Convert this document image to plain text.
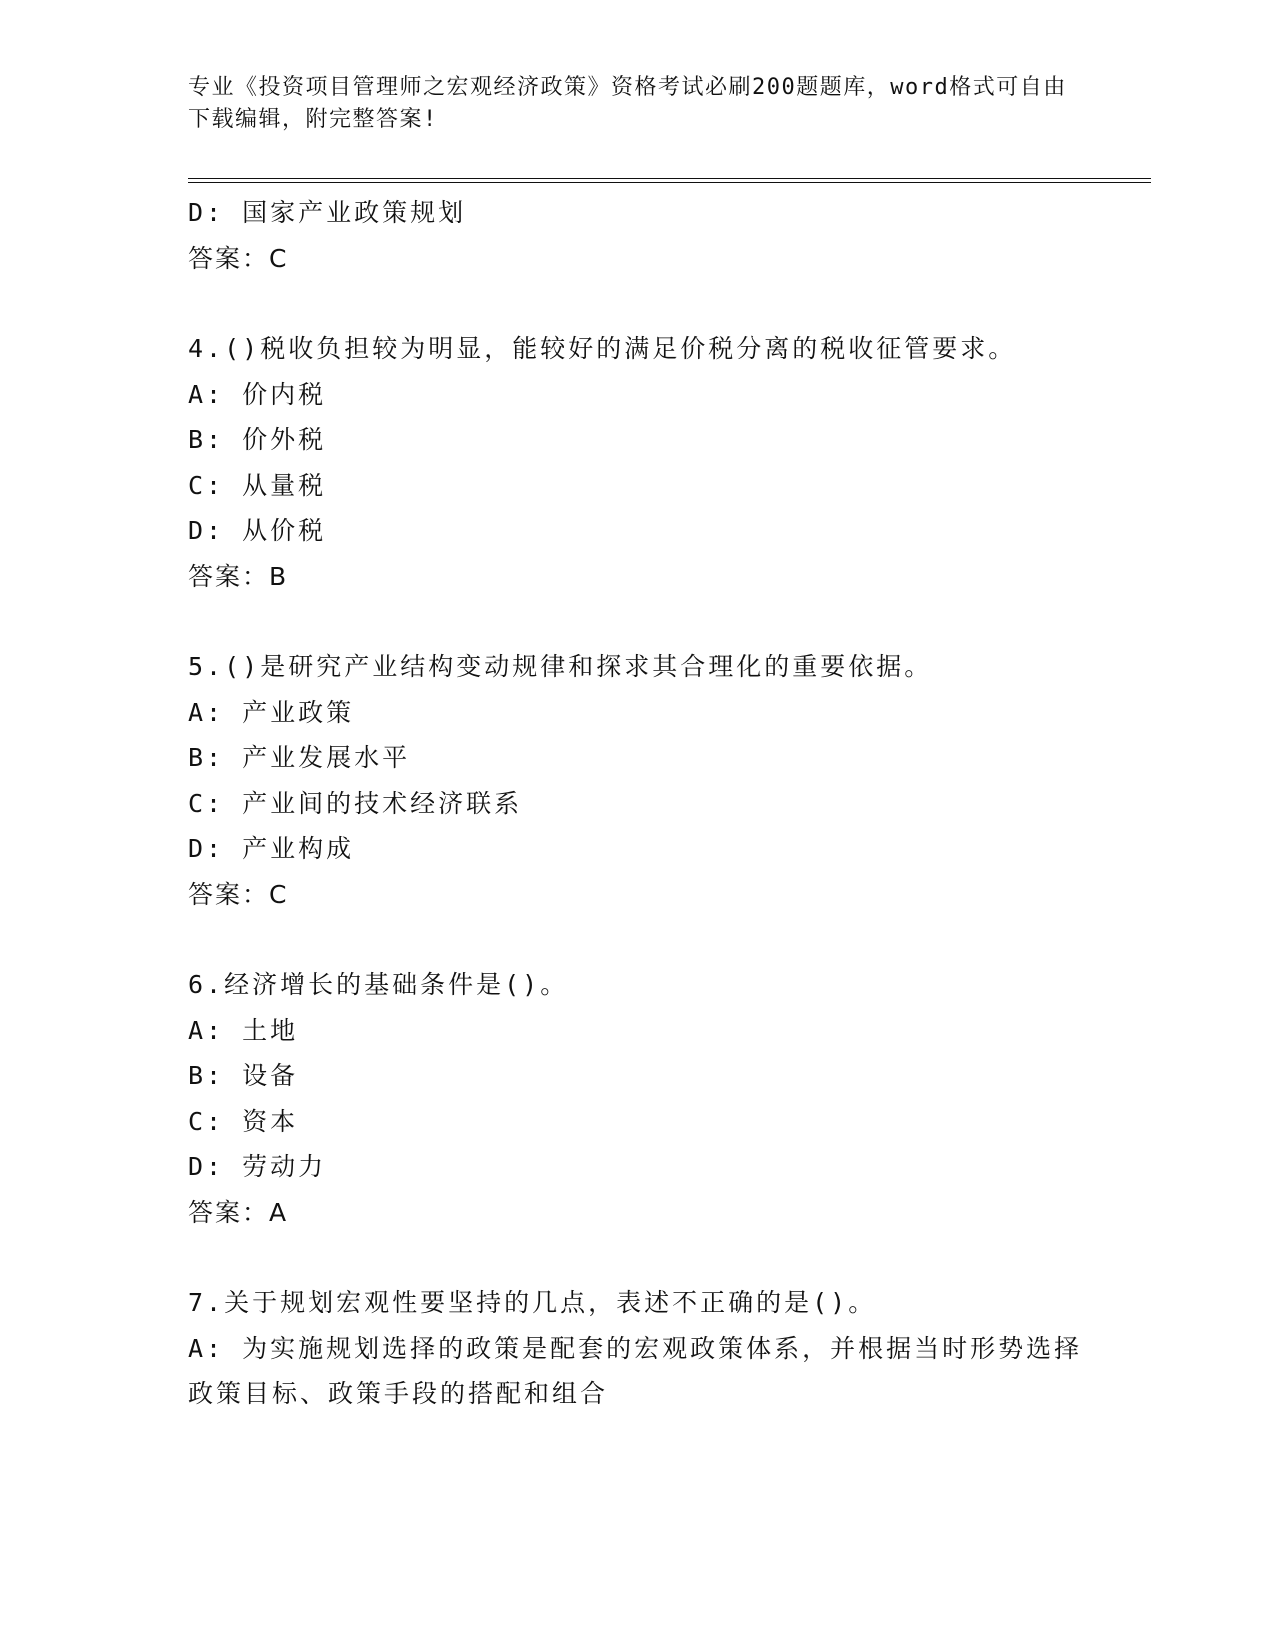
专业《投资项目管理师之宏观经济政策》资格考试必刷200题题库，word格式可自由下载编辑，附完整答案!
D: 国家产业政策规划
答案：C
4.()税收负担较为明显，能较好的满足价税分离的税收征管要求。
A: 价内税
B: 价外税
C: 从量税
D: 从价税
答案：B
5.()是研究产业结构变动规律和探求其合理化的重要依据。
A: 产业政策
B: 产业发展水平
C: 产业间的技术经济联系
D: 产业构成
答案：C
6.经济增长的基础条件是()。
A: 土地
B: 设备
C: 资本
D: 劳动力
答案：A
7.关于规划宏观性要坚持的几点，表述不正确的是()。
A: 为实施规划选择的政策是配套的宏观政策体系，并根据当时形势选择政策目标、政策手段的搭配和组合
